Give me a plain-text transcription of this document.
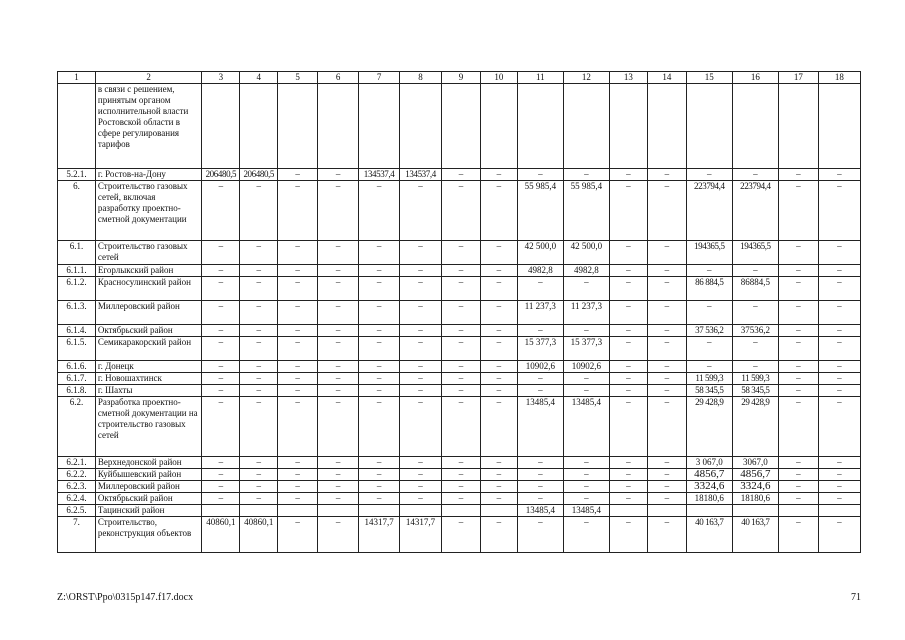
1	2	3	4	5	6	7	8	9	10	11	12	13	14	15	16	17	18
	в связи с решением, принятым органом исполнительной власти Ростовской области в сфере регулирования тарифов																
5.2.1.	г. Ростов-на-Дону	206480,5	206480,5	–	–	134537,4	134537,4	–	–	–	–	–	–	–	–	–	–
6.	Строительство газовых сетей, включая разработку проектно-сметной документации	–	–	–	–	–	–	–	–	55 985,4	55 985,4	–	–	223794,4	223794,4	–	–
6.1.	Строительство газовых сетей	–	–	–	–	–	–	–	–	42 500,0	42 500,0	–	–	194365,5	194365,5	–	–
6.1.1.	Егорлыкский район	–	–	–	–	–	–	–	–	4982,8	4982,8	–	–	–	–	–	–
6.1.2.	Красносулинский район	–	–	–	–	–	–	–	–	–	–	–	–	86 884,5	86884,5	–	–
6.1.3.	Миллеровский район	–	–	–	–	–	–	–	–	11 237,3	11 237,3	–	–	–	–	–	–
6.1.4.	Октябрьский район	–	–	–	–	–	–	–	–	–	–	–	–	37 536,2	37536,2	–	–
6.1.5.	Семикаракорский район	–	–	–	–	–	–	–	–	15 377,3	15 377,3	–	–	–	–	–	–
6.1.6.	г. Донецк	–	–	–	–	–	–	–	–	10902,6	10902,6	–	–	–	–	–	–
6.1.7.	г. Новошахтинск	–	–	–	–	–	–	–	–	–	–	–	–	11 599,3	11 599,3	–	–
6.1.8.	г. Шахты	–	–	–	–	–	–	–	–	–	–	–	–	58 345,5	58 345,5	–	–
6.2.	Разработка проектно-сметной документации на строительство газовых сетей	–	–	–	–	–	–	–	–	13485,4	13485,4	–	–	29 428,9	29 428,9	–	–
6.2.1.	Верхнедонской район	–	–	–	–	–	–	–	–	–	–	–	–	3 067,0	3067,0	–	–
6.2.2.	Куйбышевский район	–	–	–	–	–	–	–	–	–	–	–	–	4856,7	4856,7	–	–
6.2.3.	Миллеровский район	–	–	–	–	–	–	–	–	–	–	–	–	3324,6	3324,6	–	–
6.2.4.	Октябрьский район	–	–	–	–	–	–	–	–	–	–	–	–	18180,6	18180,6	–	–
6.2.5.	Тацинский район									13485,4	13485,4						
7.	Строительство, реконструкция объектов	40860,1	40860,1	–	–	14317,7	14317,7	–	–	–	–	–	–	40 163,7	40 163,7	–	–
Z:\ORST\Ppo\0315p147.f17.docx	71
